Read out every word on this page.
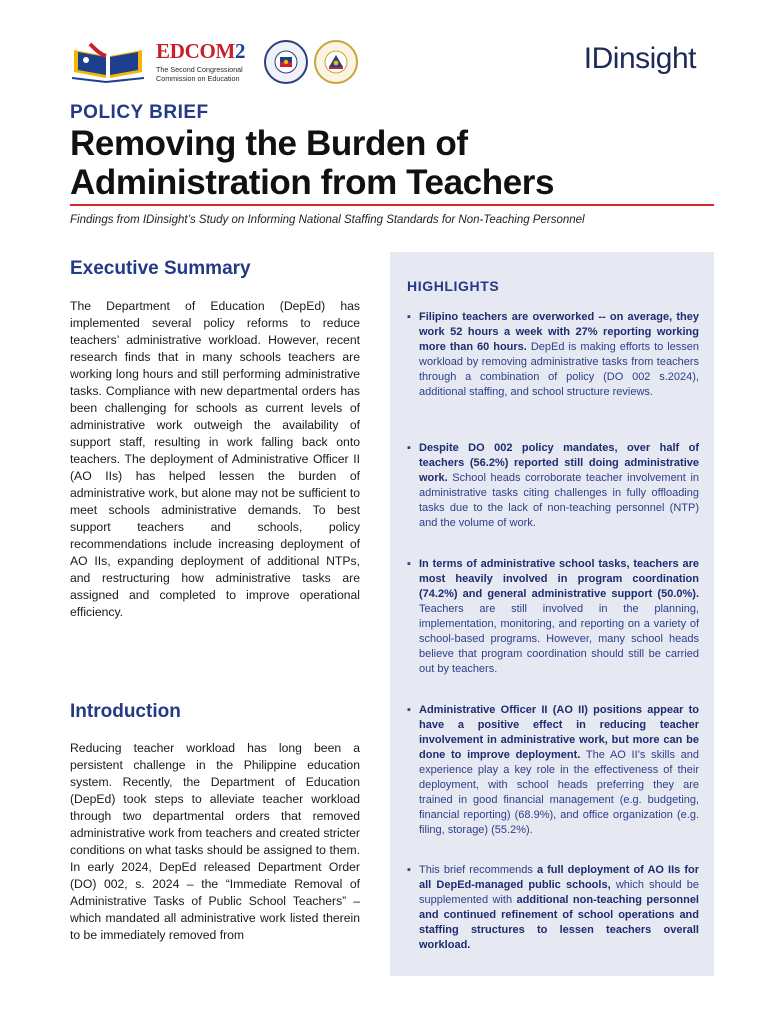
EDCOM2
The Second Congressional
Commission on Education
IDinsight
POLICY BRIEF
Removing the Burden of
Administration from Teachers
Findings from IDinsight’s Study on Informing National Staffing Standards for Non-Teaching Personnel
Executive Summary

The Department of Education (DepEd) has implemented several policy reforms to reduce teachers’ administrative workload. However, recent research finds that in many schools teachers are working long hours and still performing administrative tasks. Compliance with new departmental orders has been challenging for schools as current levels of administrative work outweigh the availability of support staff, resulting in work falling back onto teachers. The deployment of Administrative Officer II (AO IIs) has helped lessen the burden of administrative work, but alone may not be sufficient to meet schools administrative demands. To best support teachers and schools, policy recommendations include increasing deployment of AO IIs, expanding deployment of additional NTPs, and restructuring how administrative tasks are assigned and completed to improve operational efficiency.

Introduction

Reducing teacher workload has long been a persistent challenge in the Philippine education system. Recently, the Department of Education (DepEd) took steps to alleviate teacher workload through two departmental orders that removed administrative work from teachers and created stricter conditions on what tasks should be assigned to them. In early 2024, DepEd released Department Order (DO) 002, s. 2024 – the “Immediate Removal of Administrative Tasks of Public School Teachers” – which mandated all administrative work listed therein to be immediately removed from

HIGHLIGHTS
▪ Filipino teachers are overworked -- on average, they work 52 hours a week with 27% reporting working more than 60 hours. DepEd is making efforts to lessen workload by removing administrative tasks from teachers through a combination of policy (DO 002 s.2024), additional staffing, and school structure reviews.
▪ Despite DO 002 policy mandates, over half of teachers (56.2%) reported still doing administrative work. School heads corroborate teacher involvement in administrative tasks citing challenges in fully offloading tasks due to the lack of non-teaching personnel (NTP) and the volume of work.
▪ In terms of administrative school tasks, teachers are most heavily involved in program coordination (74.2%) and general administrative support (50.0%). Teachers are still involved in the planning, implementation, monitoring, and reporting on a variety of school-based programs. However, many school heads believe that program coordination should still be carried out by teachers.
▪ Administrative Officer II (AO II) positions appear to have a positive effect in reducing teacher involvement in administrative work, but more can be done to improve deployment. The AO II’s skills and experience play a key role in the effectiveness of their deployment, with school heads preferring they are trained in good financial management (e.g. budgeting, financial reporting) (68.9%), and office organization (e.g. filing, storage) (55.2%).
▪ This brief recommends a full deployment of AO IIs for all DepEd-managed public schools, which should be supplemented with additional non-teaching personnel and continued refinement of school operations and staffing structures to lessen teachers overall workload.
